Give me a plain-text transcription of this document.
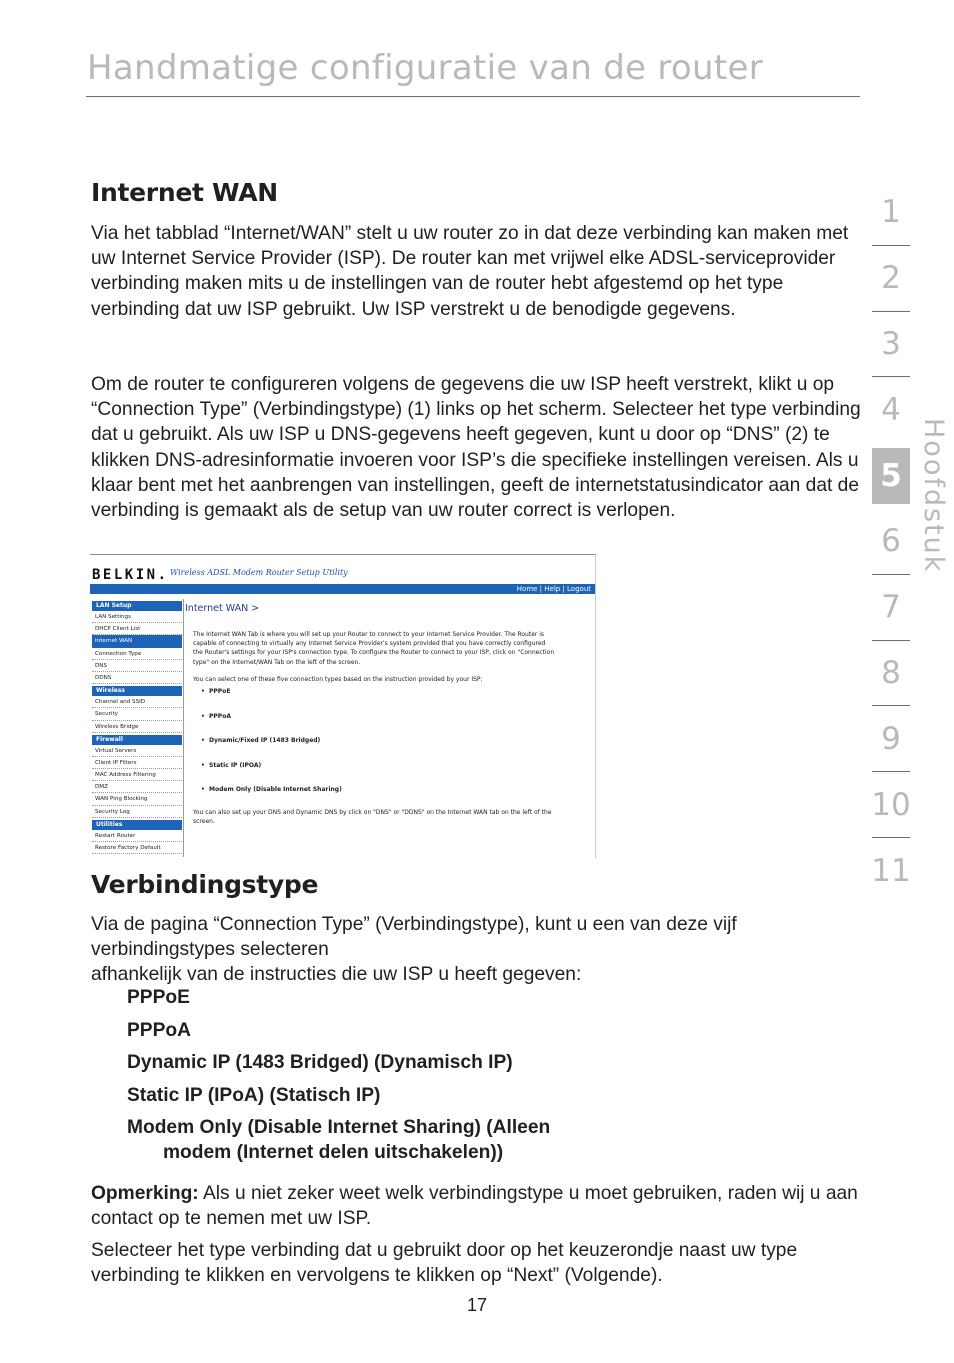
Handmatige configuratie van de router
Internet WAN

Via het tabblad “Internet/WAN” stelt u uw router zo in dat deze verbinding kan maken met uw Internet Service Provider (ISP). De router kan met vrijwel elke ADSL-serviceprovider verbinding maken mits u de instellingen van de router hebt afgestemd op het type verbinding dat uw ISP gebruikt. Uw ISP verstrekt u de benodigde gegevens.

Om de router te configureren volgens de gegevens die uw ISP heeft verstrekt, klikt u op “Connection Type” (Verbindingstype) (1) links op het scherm. Selecteer het type verbinding dat u gebruikt. Als uw ISP u DNS-gegevens heeft gegeven, kunt u door op “DNS” (2) te klikken DNS-adresinformatie invoeren voor ISP’s die specifieke instellingen vereisen. Als u klaar bent met het aanbrengen van instellingen, geeft de internetstatusindicator aan dat de verbinding is gemaakt als de setup van uw router correct is verlopen.

BELKIN. Wireless ADSL Modem Router Setup Utility
Home | Help | Logout
LAN Setup
LAN Settings
DHCP Client List
Internet WAN
Connection Type
DNS
DDNS
Wireless
Channel and SSID
Security
Wireless Bridge
Firewall
Virtual Servers
Client IP Filters
MAC Address Filtering
DMZ
WAN Ping Blocking
Security Log
Utilities
Restart Router
Restore Factory Default
Internet WAN >
The Internet WAN Tab is where you will set up your Router to connect to your Internet Service Provider. The Router is capable of connecting to virtually any Internet Service Provider's system provided that you have correctly configured the Router's settings for your ISP's connection type. To configure the Router to connect to your ISP, click on "Connection type" on the Internet/WAN Tab on the left of the screen.
You can select one of these five connection types based on the instruction provided by your ISP:
•  PPPoE
•  PPPoA
•  Dynamic/Fixed IP (1483 Bridged)
•  Static IP (IPOA)
•  Modem Only (Disable Internet Sharing)
You can also set up your DNS and Dynamic DNS by click on "DNS" or "DDNS" on the Internet WAN tab on the left of the screen.
Verbindingstype

Via de pagina “Connection Type” (Verbindingstype), kunt u een van deze vijf verbindingstypes selecteren

afhankelijk van de instructies die uw ISP u heeft gegeven:

PPPoE
PPPoA
Dynamic IP (1483 Bridged) (Dynamisch IP)
Static IP (IPoA) (Statisch IP)
Modem Only (Disable Internet Sharing) (Alleen
modem (Internet delen uitschakelen))

Opmerking: Als u niet zeker weet welk verbindingstype u moet gebruiken, raden wij u aan contact op te nemen met uw ISP.

Selecteer het type verbinding dat u gebruikt door op het keuzerondje naast uw type verbinding te klikken en vervolgens te klikken op “Next” (Volgende).

17
1
2
3
4
5
6
7
8
9
10
11
Hoofdstuk
